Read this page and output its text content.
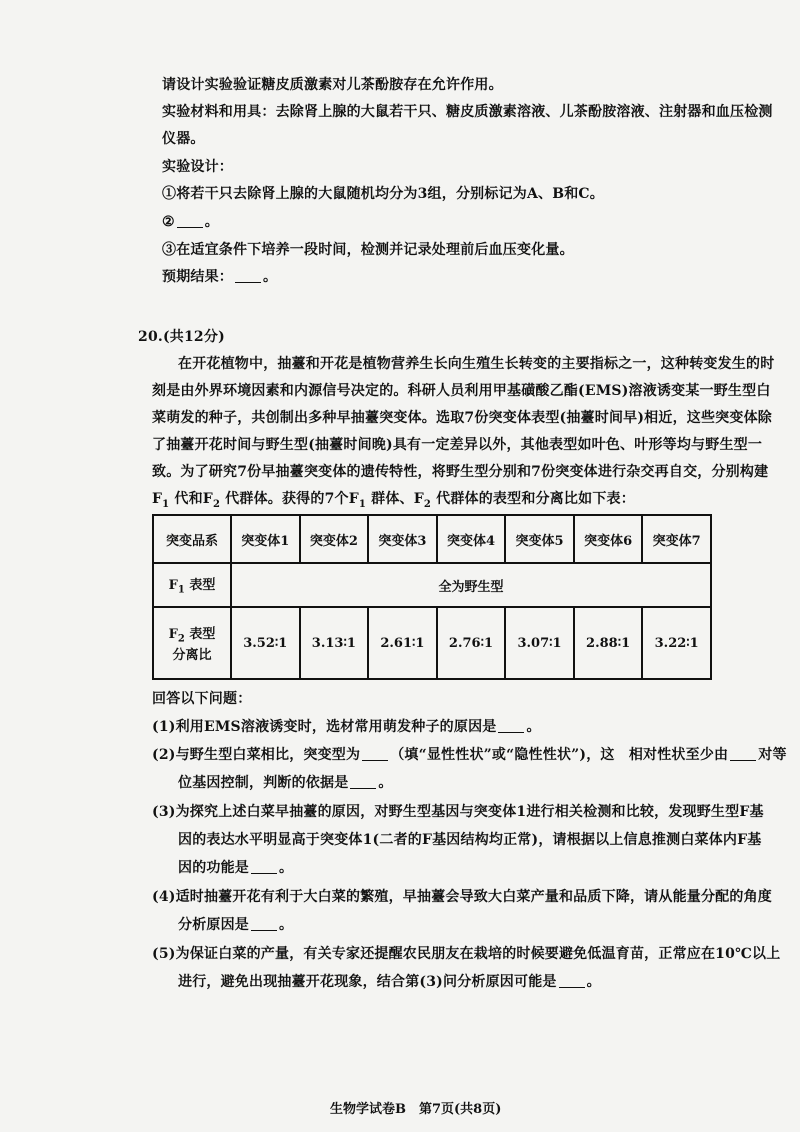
请设计实验验证糖皮质激素对儿茶酚胺存在允许作用。
实验材料和用具：去除肾上腺的大鼠若干只、糖皮质激素溶液、儿茶酚胺溶液、注射器和血压检测
仪器。
实验设计：
①将若干只去除肾上腺的大鼠随机均分为3组，分别标记为A、B和C。
② 。
③在适宜条件下培养一段时间，检测并记录处理前后血压变化量。
预期结果： 。
20.(共12分)
在开花植物中，抽薹和开花是植物营养生长向生殖生长转变的主要指标之一，这种转变发生的时
刻是由外界环境因素和内源信号决定的。科研人员利用甲基磺酸乙酯(EMS)溶液诱变某一野生型白
菜萌发的种子，共创制出多种早抽薹突变体。选取7份突变体表型(抽薹时间早)相近，这些突变体除
了抽薹开花时间与野生型(抽薹时间晚)具有一定差异以外，其他表型如叶色、叶形等均与野生型一
致。为了研究7份早抽薹突变体的遗传特性，将野生型分别和7份突变体进行杂交再自交，分别构建
$F_1$ 代和$F_2$ 代群体。获得的7个$F_1$ 群体、$F_2$ 代群体的表型和分离比如下表：
突变品系	突变体1	突变体2	突变体3	突变体4	突变体5	突变体6	突变体7
$F_1$ 表型	全为野生型						
$F_2$ 表型
分离比	3.52∶1	3.13∶1	2.61∶1	2.76∶1	3.07∶1	2.88∶1	3.22∶1
回答以下问题：
(1)利用EMS溶液诱变时，选材常用萌发种子的原因是 。
(2)与野生型白菜相比，突变型为 （填“显性性状”或“隐性性状”)，这　相对性状至少由 对等
位基因控制，判断的依据是 。
(3)为探究上述白菜早抽薹的原因，对野生型基因与突变体1进行相关检测和比较，发现野生型F基
因的表达水平明显高于突变体1(二者的F基因结构均正常)，请根据以上信息推测白菜体内F基
因的功能是 。
(4)适时抽薹开花有利于大白菜的繁殖，早抽薹会导致大白菜产量和品质下降，请从能量分配的角度
分析原因是 。
(5)为保证白菜的产量，有关专家还提醒农民朋友在栽培的时候要避免低温育苗，正常应在10℃以上
进行，避免出现抽薹开花现象，结合第(3)问分析原因可能是 。
生物学试卷B　第7页(共8页)
